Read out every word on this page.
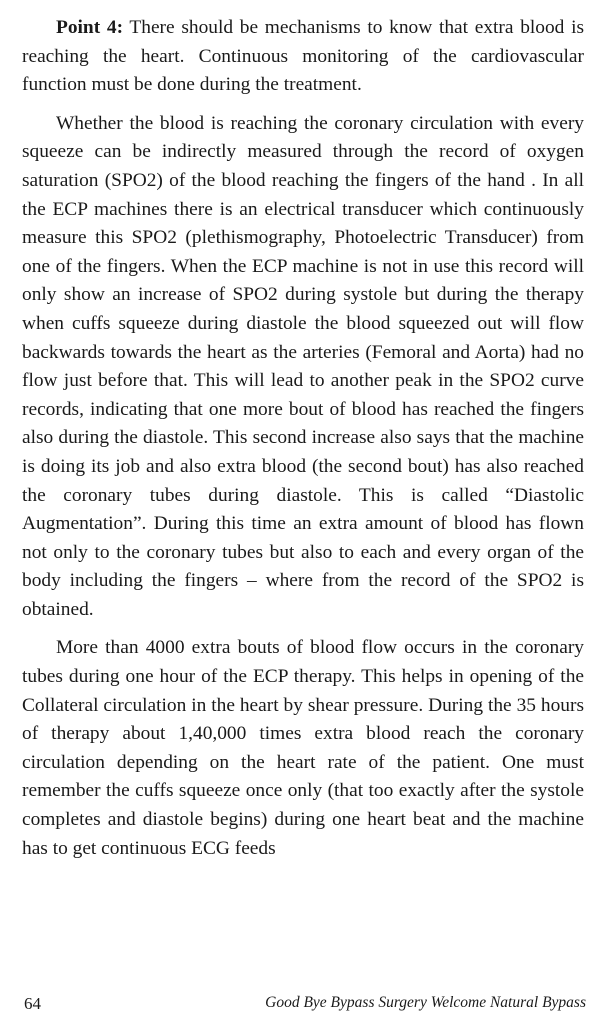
Point 4: There should be mechanisms to know that extra blood is reaching the heart. Continuous monitoring of the cardiovascular function must be done during the treatment.

Whether the blood is reaching the coronary circulation with every squeeze can be indirectly measured through the record of oxygen saturation (SPO2) of the blood reaching the fingers of the hand . In all the ECP machines there is an electrical transducer which continuously measure this SPO2 (plethismography, Photoelectric Transducer) from one of the fingers. When the ECP machine is not in use this record will only show an increase of SPO2 during systole but during the therapy when cuffs squeeze during diastole the blood squeezed out will flow backwards towards the heart as the arteries (Femoral and Aorta) had no flow just before that. This will lead to another peak in the SPO2 curve records, indicating that one more bout of blood has reached the fingers also during the diastole. This second increase also says that the machine is doing its job and also extra blood (the second bout) has also reached the coronary tubes during diastole. This is called “Diastolic Augmentation”. During this time an extra amount of blood has flown not only to the coronary tubes but also to each and every organ of the body including the fingers – where from the record of the SPO2 is obtained.

More than 4000 extra bouts of blood flow occurs in the coronary tubes during one hour of the ECP therapy. This helps in opening of the Collateral circulation in the heart by shear pressure. During the 35 hours of therapy about 1,40,000 times extra blood reach the coronary circulation depending on the heart rate of the patient. One must remember the cuffs squeeze once only (that too exactly after the systole completes and diastole begins) during one heart beat and the machine has to get continuous ECG feeds

64	Good Bye Bypass Surgery Welcome Natural Bypass
